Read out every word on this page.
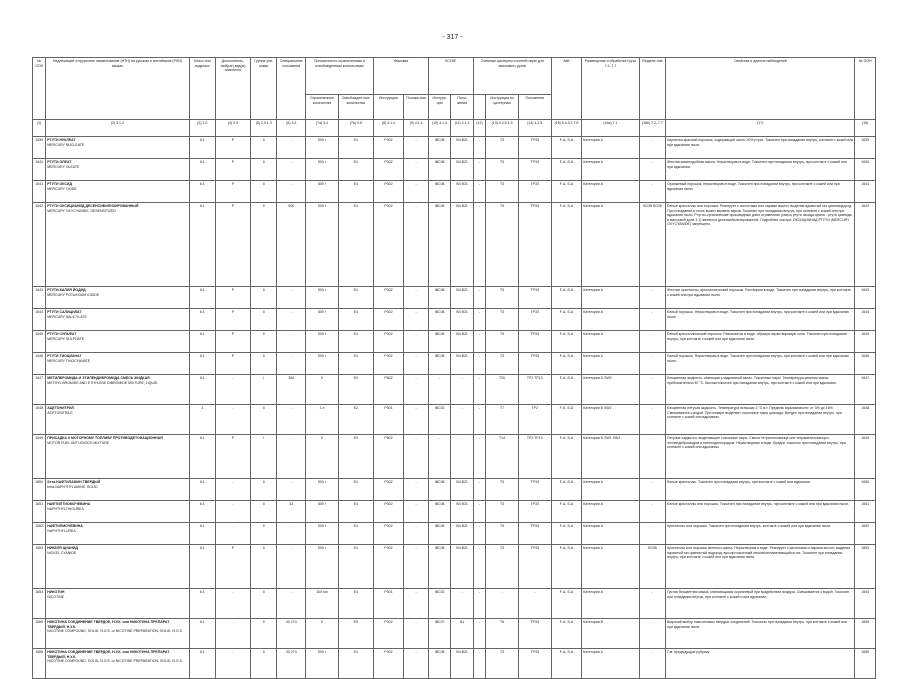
- 317 -
№ ООН	Надлежащее отгрузочное наименование (НТН) на русском и английском (PSN) языках	Класс или подкласс	Дополнитель-ный(ые) вид(ы) опасности	Группа упа-ковки	Специальные положения	Положения по ограниченным и освобожденным количествам		Упаковка		КСГМГ		Съемные цистерны и контей-неры для массовых грузов			АвК	Размещение и обработка груза 7.1–7.7	Разделе-ние	Свойства и данные наблюдений	№ ООН
						Ограниченные количества	Освобожден-ные количества	Инструкции	Положе-ния	Инструк-ции	Поло-жения		Инструкции по цистернам	Положения					
(1)	(2) 3.1.2	(3) 2.0	(4) 2.0	(5) 2.0.1.3	(6) 3.3	(7a) 3.4	(7b) 3.5	(8) 4.1.4	(9) 4.1.4	(10) 4.1.4	(11) 4.1.4	(12)	(13) 4.2.5 4.3	(14) 4.2.5	(15) 5.4.3.2 7.8	(16a) 7.1	(16b) 7.2–7.7	(17)	(18)
1639	РТУТИ НУКЛЕАТ
MERCURY NUCLEATE	6.1	P	II	-	500 г	E4	P002	-	IBC08	B4 B21	-	T3	TP33	F-A, S-A	Категория A	-	Кирпично-красный порошок, содержащий около 20% ртути. Токсичен при попадании внутрь, контакте с кожей или при вдыхании пыли.	1639
1640	РТУТИ ОЛЕАТ
MERCURY OLEATE	6.1	P	II	-	500 г	E4	P002	-	IBC08	B4 B21	-	T3	TP33	F-A, S-A	Категория A	-	Желтая мазеподобная масса. Нерастворим в воде. Токсичен при попадании внутрь, при контакте с кожей или при вдыхании.	1640
1641	РТУТИ ОКСИД
MERCURY OXIDE	6.1	P	II	-	500 г	E4	P002	-	IBC08	B4 B21	-	T3	TP33	F-A, S-A	Категория A	-	Оранжевый порошок, нерастворим в воде. Токсичен при попадании внутрь, при контакте с кожей или при вдыхании пыли.	1641
1642	РТУТИ ОКСИЦИАНИД ДЕСЕНСИБИЛИЗИРОВАННЫЙ
MERCURY OXYCYANIDE, DESENSITIZED	6.1	P	II	900	500 г	E4	P002	-	IBC08	B4 B21	-	T3	TP33	F-A, S-A	Категория A	SG35 SG36	Белые кристаллы или порошок. Реагирует с кислотами или парами кислот, выделяя ядовитый газ циановодород. При попадании в огонь может вызвать взрыв. Токсичен при попадании внутрь, при контакте с кожей или при вдыхании пыли. Ртутно-органические производные дают отравление (смесь ртути оксида-циана - ртути цианида в массовой доле 1:1) является десенсибилизированной. Подробнее смотри: ОКСИЦИАНИД РТУТИ (MERCURY OXYCYANIDE) запрещено.	1642
1643	РТУТИ-КАЛИЯ ЙОДИД
MERCURY POTASSIUM IODIDE	6.1	P	II	-	500 г	E4	P002	-	IBC08	B4 B21	-	T3	TP33	F-A, S-A	Категория A	-	Желтые кристаллы, кристаллический порошок. Растворим в воде. Токсичен при попадании внутрь, при контакте с кожей или при вдыхании пыли.	1643
1644	РТУТИ САЛИЦИЛАТ
MERCURY SALICYLATE	6.1	P	II	-	500 г	E4	P002	-	IBC08	B4 B21	-	T3	TP33	F-A, S-A	Категория A	-	Белый порошок. Нерастворим в воде. Токсичен при попадании внутрь, при контакте с кожей или при вдыхании пыли.	1644
1645	РТУТИ СУЛЬФАТ
MERCURY SULPHATE	6.1	P	II	-	500 г	E4	P002	-	IBC08	B4 B21	-	T3	TP33	F-A, S-A	Категория A	-	Белый кристаллический порошок. Разлагается в воде, образуя нерастворимую соль. Токсичен при попадании внутрь, при контакте с кожей или при вдыхании пыли.	1645
1646	РТУТИ ТИОЦИАНАТ
MERCURY THIOCYANATE	6.1	P	II	-	500 г	E4	P002	-	IBC08	B4 B21	-	T3	TP33	F-A, S-A	Категория A	-	Белый порошок. Нерастворим в воде. Токсичен при попадании внутрь, при контакте с кожей или при вдыхании пыли.	1646
1647	МЕТИЛБРОМИДА И ЭТИЛЕНДИБРОМИДА СМЕСЬ ЖИДКАЯ
METHYL BROMIDE AND ETHYLENE DIBROMIDE MIXTURE, LIQUID	6.1	-	I	354	0	E0	P602	-	-	-	-	T20	TP2 TP13	F-A, S-A	Категория D SW2	-	Бесцветная жидкость, имеющая сладковатый запах. Токсичные пары. Температура кипения смеси приблизительно 40 °C. Высокотоксичен при попадании внутрь, при контакте с кожей или при вдыхании.	1647
1648	АЦЕТОНИТРИЛ
ACETONITRILE	3	-	II	-	1 л	E2	P001	-	IBC02	-	-	T7	TP2	F-E, S-D	Категория B SW2	-	Бесцветная летучая жидкость. Температура вспышки 2 °C в.т. Пределы взрываемости: от 3% до 16%. Смешивается с водой. При пожаре выделяет токсичные пары цианида. Вреден при попадании внутрь, при контакте с кожей или вдыхании.	1648
1649	ПРИСАДКА К МОТОРНОМУ ТОПЛИВУ ПРОТИВОДЕТОНАЦИОННАЯ
MOTOR FUEL ANTI-KNOCK MIXTURE	6.1	P	I	-	0	E0	P602	-	-	-	-	T14	TP2 TP13	F-A, S-A	Категория D SW1 SW2	-	Летучие жидкости, выделяющие токсичные пары. Смеси тетраэтилсвинца или тетраметилсвинца с этилендибромидом и этилендихлоридом. Нерастворимо в воде. Вредно токсично при попадании внутрь, при контакте с кожей или вдыхании.	1649
1650	бета-НАФТИЛАМИН ТВЕРДЫЙ
beta-NAPHTHYLAMINE, SOLID	6.1	-	II	-	500 г	E4	P002	-	IBC08	B4 B21	-	T3	TP33	F-A, S-A	Категория A	-	Белые кристаллы. Токсичен при попадании внутрь, при контакте с кожей или вдыхании.	1650
1651	НАФТИЛТИОМОЧЕВИНА
NAPHTHYLTHIOUREA	6.1	-	II	43	500 г	E4	P002	-	IBC08	B4 B21	-	T3	TP33	F-A, S-A	Категория A	-	Белые кристаллы или порошок. Токсичен при попадании внутрь, при контакте с кожей или при вдыхании пыли.	1651
1652	НАФТИЛМОЧЕВИНА
NAPHTHYLUREA	6.1	-	II	-	500 г	E4	P002	-	IBC08	B4 B21	-	T3	TP33	F-A, S-A	Категория A	-	Кристаллы или порошок. Токсичен при попадании внутрь, контакте с кожей или при вдыхании пыли.	1652
1653	НИКЕЛЯ ЦИАНИД
NICKEL CYANIDE	6.1	P	II	-	500 г	E4	P002	-	IBC08	B4 B21	-	T3	TP33	F-A, S-A	Категория A	SG35	Кристаллы или порошок зеленого цвета. Нерастворим в воде. Реагирует с кислотами и парами кислот, выделяя ядовитый газ цианистый водород, высокотоксичный легковоспламеняющийся газ. Токсичен при попадании внутрь, при контакте с кожей или при вдыхании пыли.	1653
1654	НИКОТИН
NICOTINE	6.1	-	II	-	100 мл	E4	P001	-	IBC02	-	-	-	-	F-A, S-A	Категория A	-	Густая бесцветная масса, становящаяся коричневой при воздействии воздуха. Смешивается с водой. Токсичен при попадании внутрь, при контакте с кожей и при вдыхании.	1654
1655	НИКОТИНА СОЕДИНЕНИЕ ТВЕРДОЕ, Н.У.К. или НИКОТИНА ПРЕПАРАТ ТВЕРДЫЙ, Н.У.К.
NICOTINE COMPOUND, SOLID, N.O.S. or NICOTINE PREPARATION, SOLID, N.O.S.	6.1	-	II	43 274	0	E5	P002	-	IBC07	B1	-	T6	TP33	F-A, S-A	Категория B	-	Широкий выбор никотиновых твердых соединений. Токсичны при попадании внутрь, при контакте с кожей или при вдыхании пыли.	1655
1655	НИКОТИНА СОЕДИНЕНИЕ ТВЕРДОЕ, Н.У.К. или НИКОТИНА ПРЕПАРАТ ТВЕРДЫЙ, Н.У.К.
NICOTINE COMPOUND, SOLID, N.O.S. or NICOTINE PREPARATION, SOLID, N.O.S.	6.1	-	II	43 274	500 г	E4	P002	-	IBC08	B4 B21	-	T3	TP33	F-A, S-A	Категория A	-	См. предыдущую рубрику.	1655
